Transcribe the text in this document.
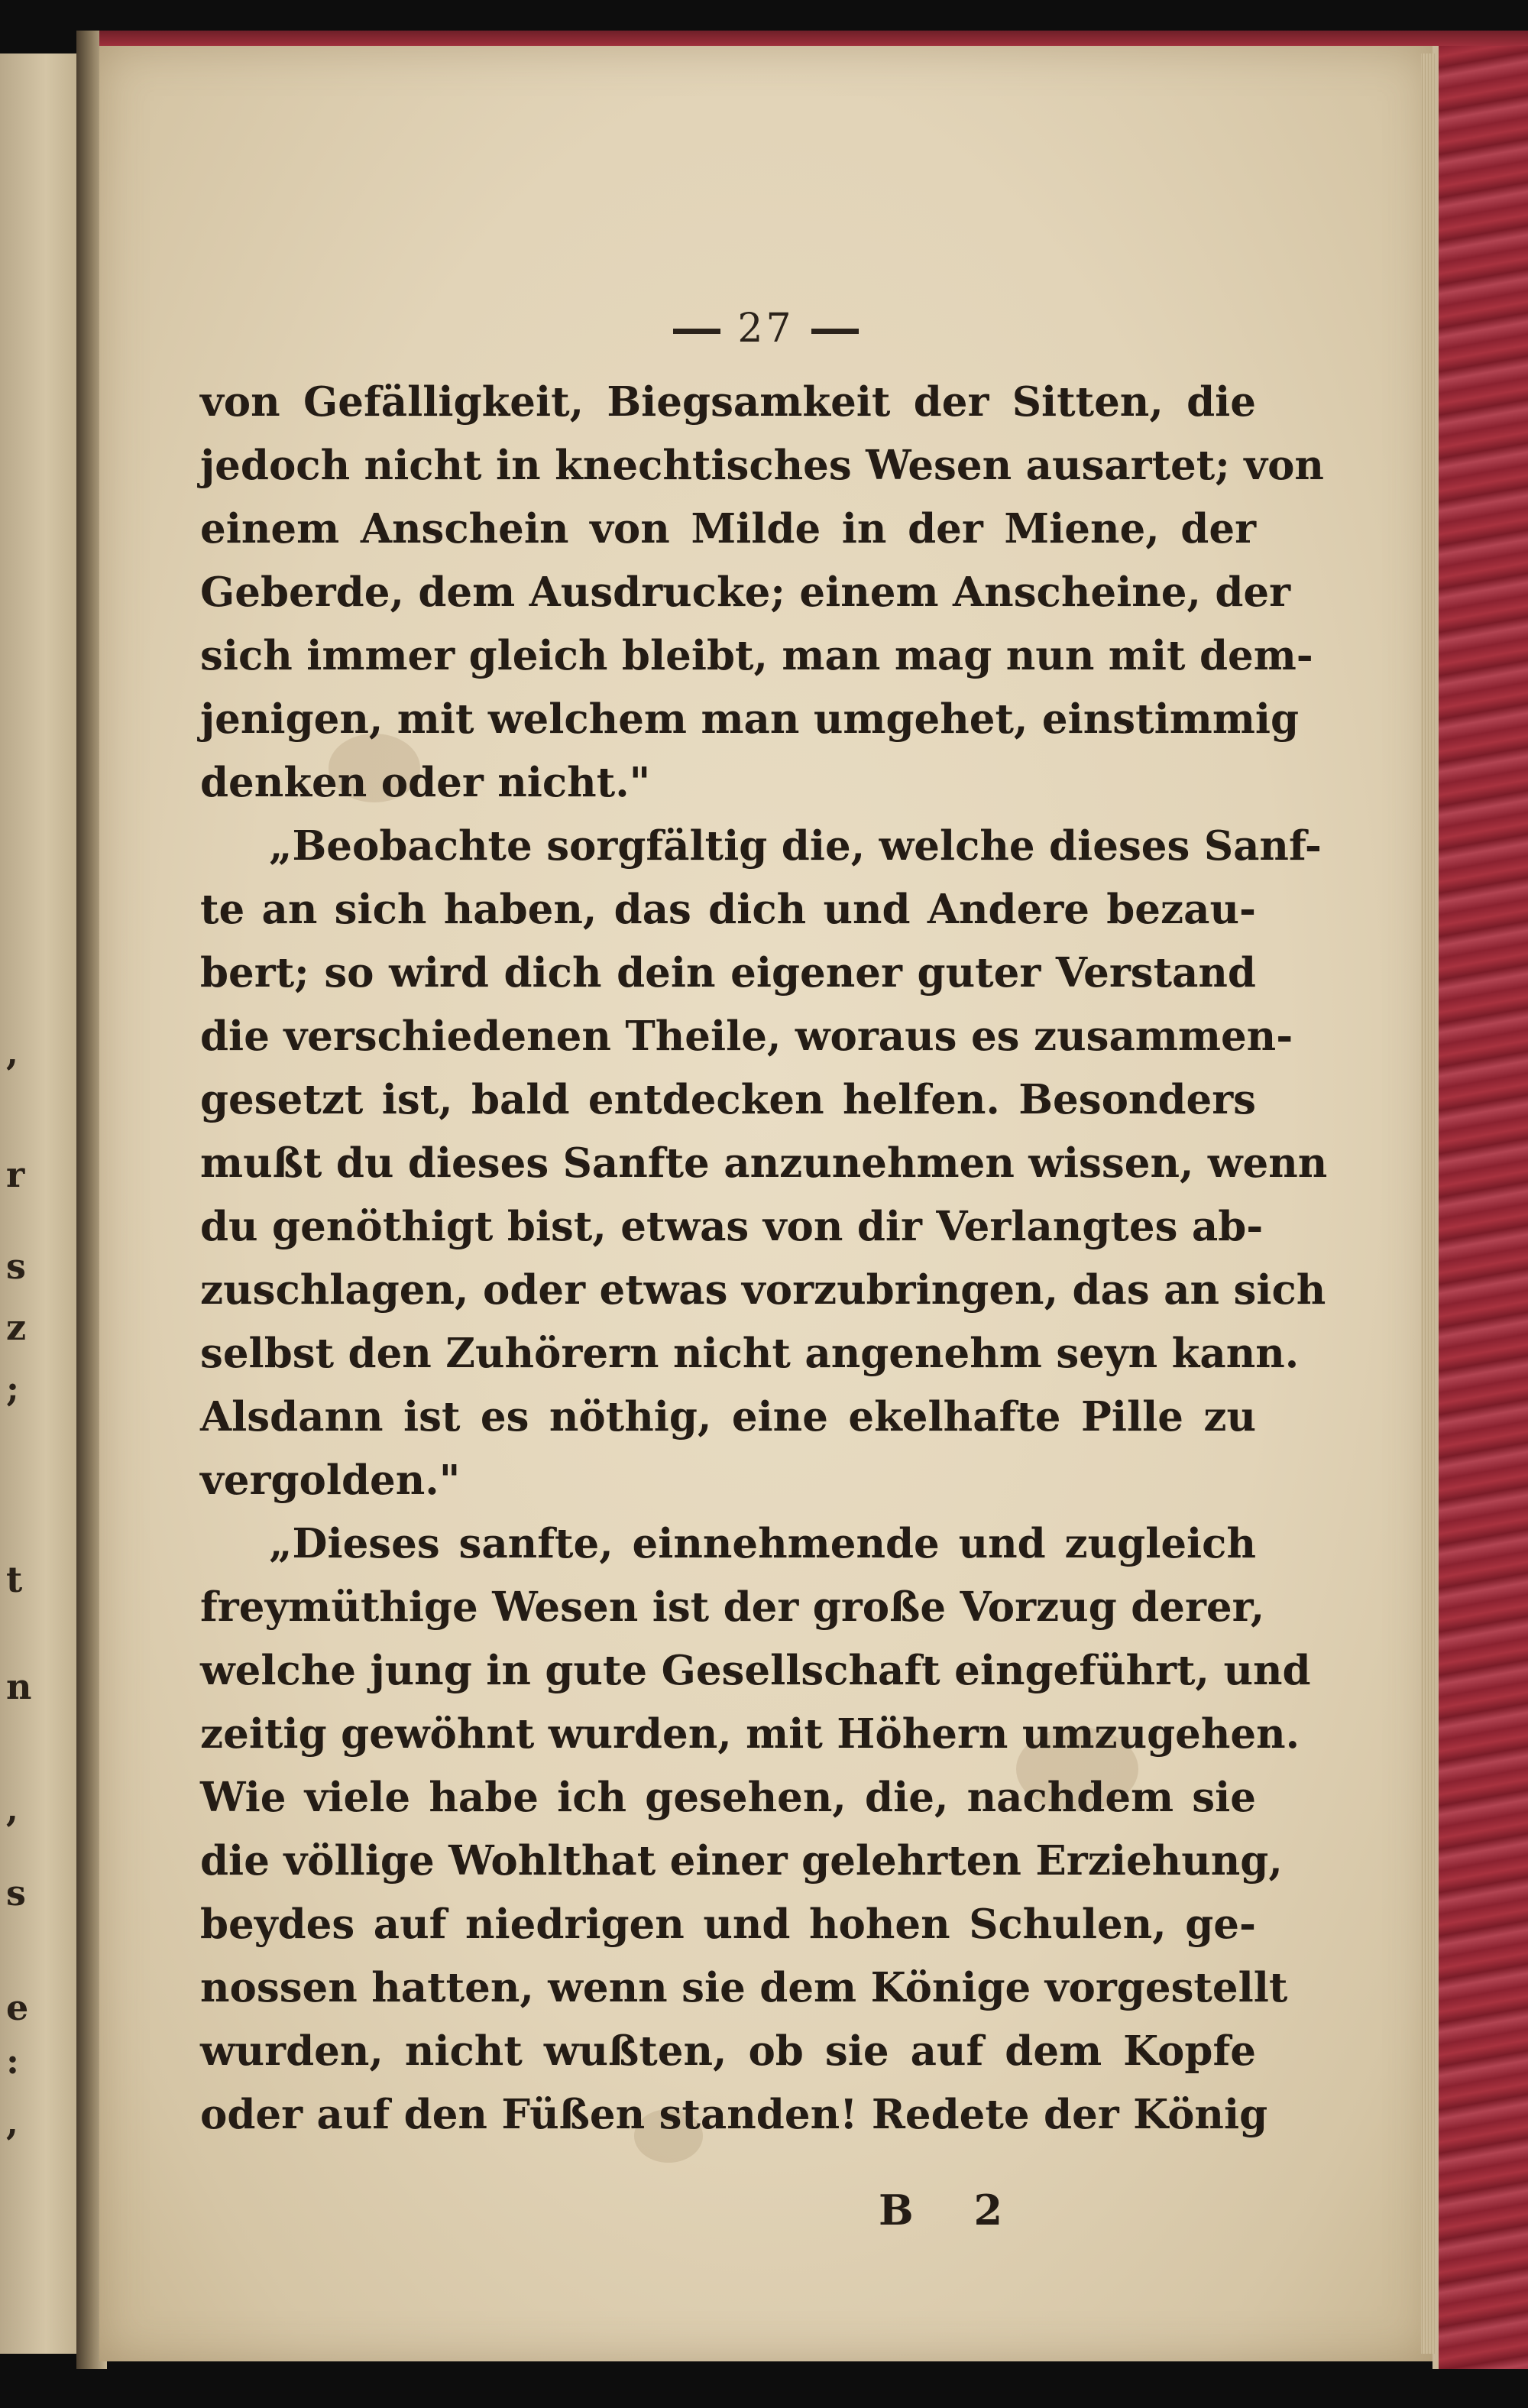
,
r
s
z
;
t
n
,
s
e
:
,
27
von Gefälligkeit, Biegsamkeit der Sitten, die
jedoch nicht in knechtisches Wesen ausartet; von
einem Anschein von Milde in der Miene, der
Geberde, dem Ausdrucke; einem Anscheine, der
sich immer gleich bleibt, man mag nun mit dem-
jenigen, mit welchem man umgehet, einstimmig
denken oder nicht."
„Beobachte sorgfältig die, welche dieses Sanf-
te an sich haben, das dich und Andere bezau-
bert; so wird dich dein eigener guter Verstand
die verschiedenen Theile, woraus es zusammen-
gesetzt ist, bald entdecken helfen. Besonders
mußt du dieses Sanfte anzunehmen wissen, wenn
du genöthigt bist, etwas von dir Verlangtes ab-
zuschlagen, oder etwas vorzubringen, das an sich
selbst den Zuhörern nicht angenehm seyn kann.
Alsdann ist es nöthig, eine ekelhafte Pille zu
vergolden."
„Dieses sanfte, einnehmende und zugleich
freymüthige Wesen ist der große Vorzug derer,
welche jung in gute Gesellschaft eingeführt, und
zeitig gewöhnt wurden, mit Höhern umzugehen.
Wie viele habe ich gesehen, die, nachdem sie
die völlige Wohlthat einer gelehrten Erziehung,
beydes auf niedrigen und hohen Schulen, ge-
nossen hatten, wenn sie dem Könige vorgestellt
wurden, nicht wußten, ob sie auf dem Kopfe
oder auf den Füßen standen! Redete der König
B 2
